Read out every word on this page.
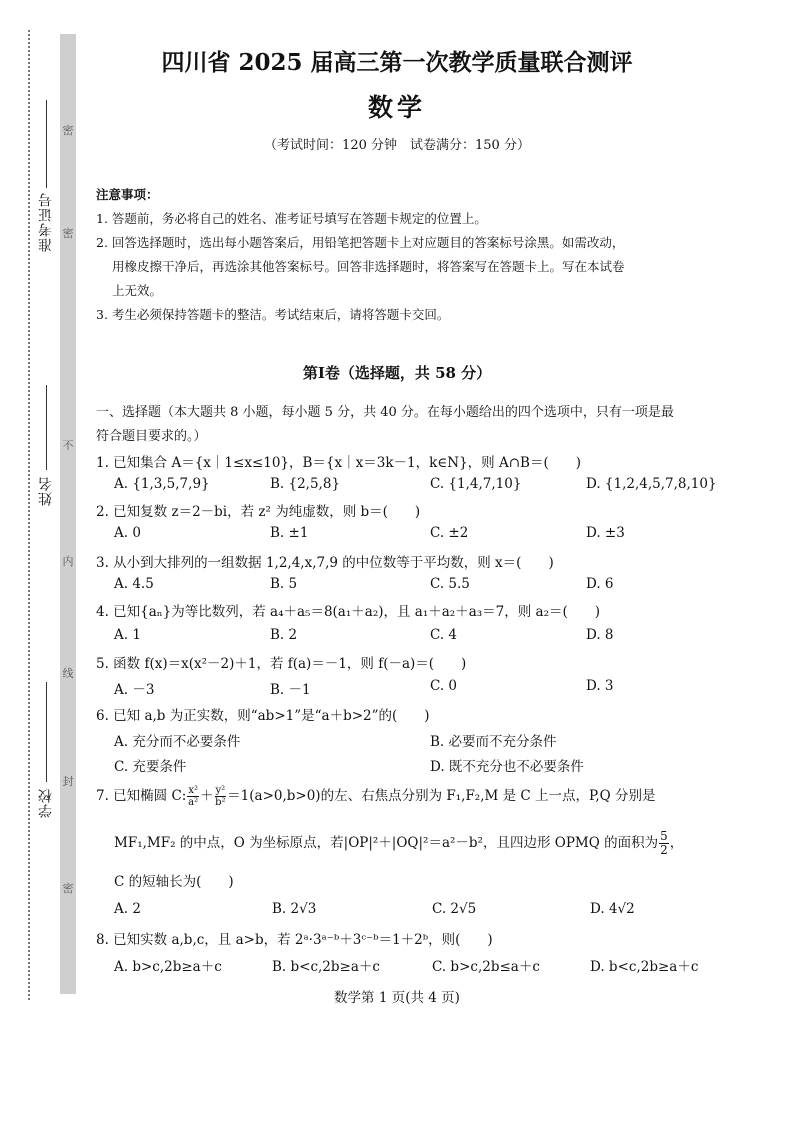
密
密
不
内
线
封
密
准考证号
姓名
学校
四川省 2025 届高三第一次教学质量联合测评
数学
（考试时间：120 分钟　试卷满分：150 分）
注意事项：
1. 答题前，务必将自己的姓名、准考证号填写在答题卡规定的位置上。
2. 回答选择题时，选出每小题答案后，用铅笔把答题卡上对应题目的答案标号涂黑。如需改动，
用橡皮擦干净后，再选涂其他答案标号。回答非选择题时，将答案写在答题卡上。写在本试卷
上无效。
3. 考生必须保持答题卡的整洁。考试结束后，请将答题卡交回。
第Ⅰ卷（选择题，共 58 分）
一、选择题（本大题共 8 小题，每小题 5 分，共 40 分。在每小题给出的四个选项中，只有一项是最
符合题目要求的。）
1. 已知集合 A＝{x｜1≤x≤10}，B＝{x｜x＝3k－1，k∈N}，则 A∩B＝(　　)
A. {1,3,5,7,9}	B. {2,5,8}	C. {1,4,7,10}	D. {1,2,4,5,7,8,10}
2. 已知复数 z＝2－bi，若 z² 为纯虚数，则 b＝(　　)
A. 0	B. ±1	C. ±2	D. ±3
3. 从小到大排列的一组数据 1,2,4,x,7,9 的中位数等于平均数，则 x＝(　　)
A. 4.5	B. 5	C. 5.5	D. 6
4. 已知{aₙ}为等比数列，若 a₄＋a₅＝8(a₁＋a₂)，且 a₁＋a₂＋a₃＝7，则 a₂＝(　　)
A. 1	B. 2	C. 4	D. 8
5. 函数 f(x)＝x(x²－2)＋1，若 f(a)＝－1，则 f(－a)＝(　　)
A. －3	B. －1	C. 0	D. 3
6. 已知 a,b 为正实数，则“ab>1”是“a＋b>2”的(　　)
A. 充分而不必要条件	B. 必要而不充分条件
C. 充要条件	D. 既不充分也不必要条件
7. 已知椭圆 C: $\frac{\text{x²}}{\text{a²}} + \frac{\text{y²}}{\text{b²}} =1(a>0,b>0)$的左、右焦点分别为 F₁,F₂,M 是 C 上一点，P,Q 分别是
MF₁,MF₂ 的中点，O 为坐标原点，若|OP|²＋|OQ|²＝a²－b²，且四边形 OPMQ 的面积为 $\frac{5}{2}$ ，
C 的短轴长为(　　)
A. 2	B. 2√3	C. 2√5	D. 4√2
8. 已知实数 a,b,c，且 a>b，若 2ᵃ·3ᵃ⁻ᵇ＋3ᶜ⁻ᵇ＝1＋2ᵇ，则(　　)
A. b>c,2b≥a＋c	B. b<c,2b≥a＋c	C. b>c,2b≤a＋c	D. b<c,2b≥a＋c
数学第 1 页(共 4 页)
